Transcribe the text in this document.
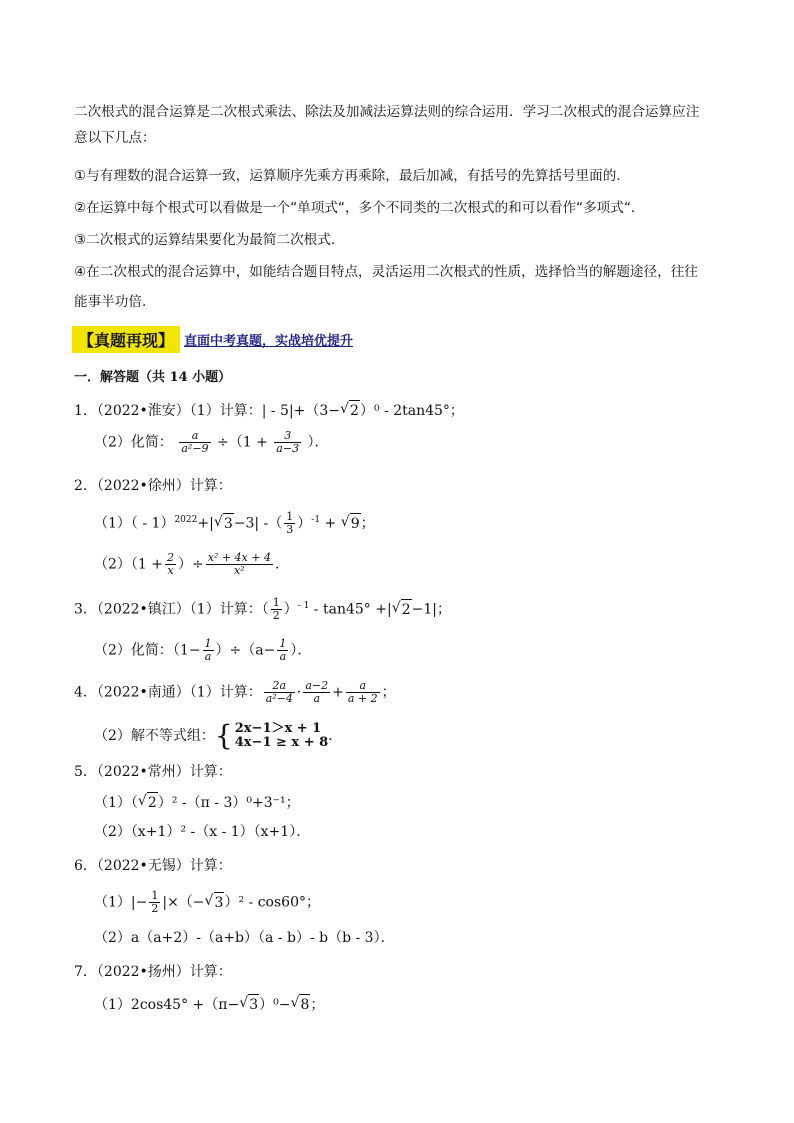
二次根式的混合运算是二次根式乘法、除法及加减法运算法则的综合运用．学习二次根式的混合运算应注
意以下几点：
①与有理数的混合运算一致，运算顺序先乘方再乘除，最后加减，有括号的先算括号里面的．
②在运算中每个根式可以看做是一个“单项式“，多个不同类的二次根式的和可以看作“多项式“．
③二次根式的运算结果要化为最简二次根式．
④在二次根式的混合运算中，如能结合题目特点，灵活运用二次根式的性质，选择恰当的解题途径，往往
能事半功倍．
【真题再现】 直面中考真题，实战培优提升
一．解答题（共 14 小题）
1．（2022•淮安）（1）计算：| - 5|+（3− √ 2）⁰ - 2tan45°；
（2）化简： $\frac{a}{\text{a²−9}} \div(1 + \frac{3}{a-3}$ ）．
2．（2022•徐州）计算：
（1）（ - 1）$^{2022}$+| √ 3−3| -（ $\frac{1}{3} )^{-1}$ + √ 9；
$(2)(1 + \frac{2}{x}$ ）÷ $\frac{\text{x² + 4x + 4}}{\text{x²}}$ ．
3．（2022•镇江）（1）计算：（ $\frac{1}{2} )^{- 1} - \tan 45^\circ$ +| √ 2−1|；
（2）化简：$(1- \frac{1}{a} )\div(a- \frac{1}{a}$ ）．
4．（2022•南通）（1）计算： $\frac{2a}{\text{a²−4}} \cdot \frac{a-2}{a} + \frac{a}{a + 2}$ ；
（2）解不等式组：{ 2x−1＞x + 1
4x−1 ≥ x + 8 ．
5．（2022•常州）计算：
（1）（ √ 2）² -（π - 3）⁰+3⁻¹；
（2）（x+1）² -（x - 1）（x+1）．
6．（2022•无锡）计算：
$(1)|- \frac{1}{2}$ |×（− √ 3）² - cos60°；
（2）a（a+2）-（a+b）（a - b）- b（b - 3）．
7．（2022•扬州）计算：
（1）2cos45° +（π− √ 3）⁰− √ 8；
